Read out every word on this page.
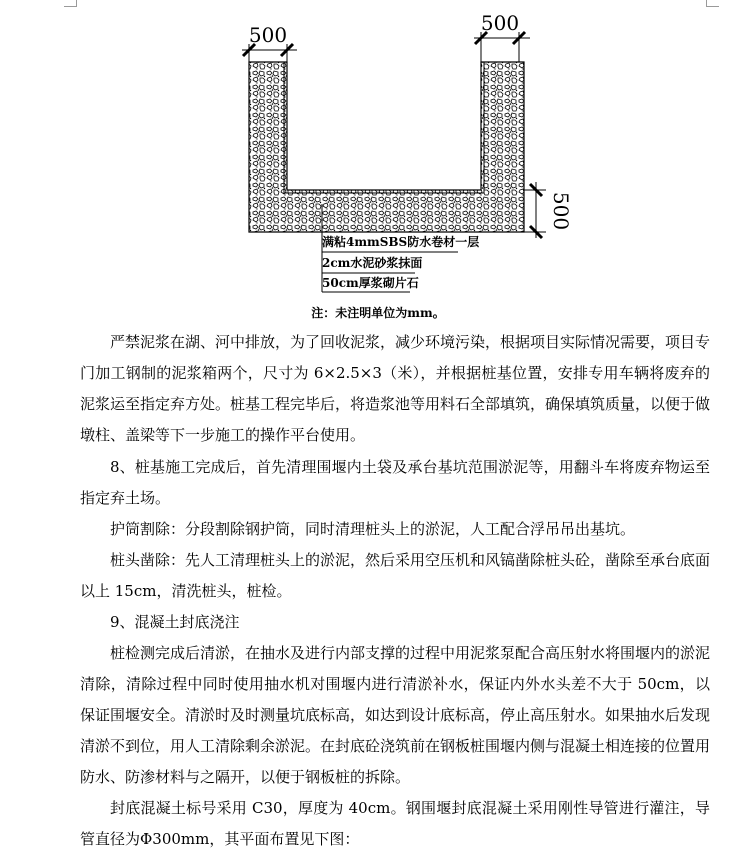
500	500
500
满粘4mmSBS防水卷材一层
2cm水泥砂浆抹面
50cm厚浆砌片石
注：未注明单位为mm。
严禁泥浆在湖、河中排放，为了回收泥浆，减少环境污染，根据项目实际情况需要，项目专门加工钢制的泥浆箱两个，尺寸为 6×2.5×3（米），并根据桩基位置，安排专用车辆将废弃的泥浆运至指定弃方处。桩基工程完毕后，将造浆池等用料石全部填筑，确保填筑质量，以便于做墩柱、盖梁等下一步施工的操作平台使用。
8、桩基施工完成后，首先清理围堰内土袋及承台基坑范围淤泥等，用翻斗车将废弃物运至指定弃土场。
护筒割除：分段割除钢护筒，同时清理桩头上的淤泥，人工配合浮吊吊出基坑。
桩头凿除：先人工清理桩头上的淤泥，然后采用空压机和风镐凿除桩头砼，凿除至承台底面以上 15cm，清洗桩头，桩检。
9、混凝土封底浇注
桩检测完成后清淤，在抽水及进行内部支撑的过程中用泥浆泵配合高压射水将围堰内的淤泥清除，清除过程中同时使用抽水机对围堰内进行清淤补水，保证内外水头差不大于 50cm，以保证围堰安全。清淤时及时测量坑底标高，如达到设计底标高，停止高压射水。如果抽水后发现清淤不到位，用人工清除剩余淤泥。在封底砼浇筑前在钢板桩围堰内侧与混凝土相连接的位置用防水、防渗材料与之隔开，以便于钢板桩的拆除。
封底混凝土标号采用 C30，厚度为 40cm。钢围堰封底混凝土采用刚性导管进行灌注，导管直径为Φ300mm，其平面布置见下图：
